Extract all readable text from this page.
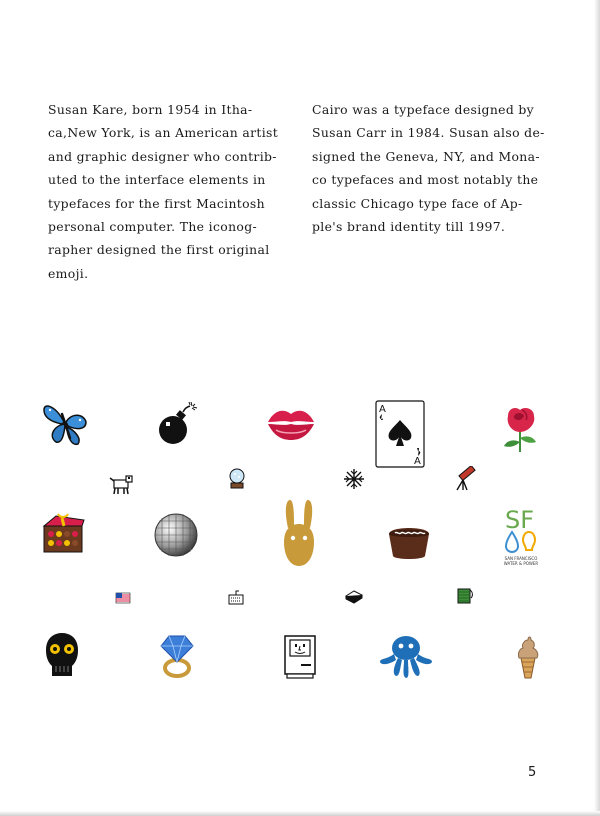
Susan Kare, born 1954 in Itha-
ca,New York, is an American artist
and graphic designer who contrib-
uted to the interface elements in
typefaces for the first Macintosh
personal computer. The iconog-
rapher designed the first original
emoji.
Cairo was a typeface designed by
Susan Carr in 1984. Susan also de-
signed the Geneva, NY, and Mona-
co typefaces and most notably the
classic Chicago type face of Ap-
ple's brand identity till 1997.
A
A
SF
SAN FRANCISCO
WATER & POWER
5
